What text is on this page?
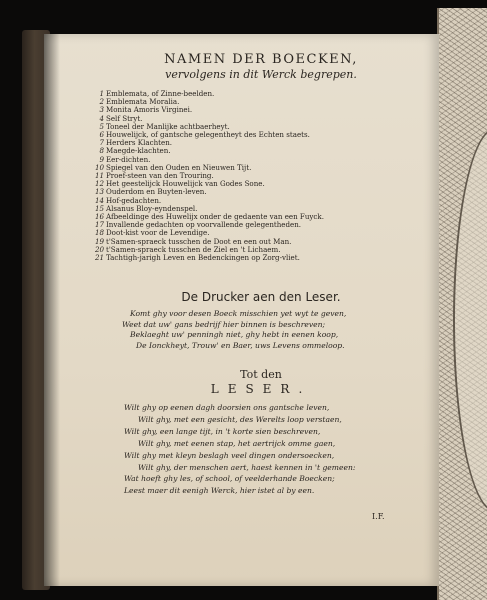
NAMEN DER BOECKEN,
vervolgens in dit Werck begrepen.
1 Emblemata, of Zinne-beelden.
2 Emblemata Moralia.
3 Monita Amoris Virginei.
4 Self Stryt.
5 Toneel der Manlijke achtbaerheyt.
6 Houwelijck, of gantsche gelegentheyt des Echten staets.
7 Herders Klachten.
8 Maegde-klachten.
9 Eer-dichten.
10 Spiegel van den Ouden en Nieuwen Tijt.
11 Proef-steen van den Trouring.
12 Het geestelijck Houwelijck van Godes Sone.
13 Ouderdom en Buyten-leven.
14 Hof-gedachten.
15 Alsanus Bloy-eyndenspel.
16 Afbeeldinge des Huwelijx onder de gedaente van een Fuyck.
17 Invallende gedachten op voorvallende gelegentheden.
18 Doot-kist voor de Levendige.
19 t'Samen-spraeck tusschen de Doot en een out Man.
20 t'Samen-spraeck tusschen de Ziel en 't Lichaem.
21 Tachtigh-jarigh Leven en Bedenckingen op Zorg-vliet.
De Drucker aen den Leser.
Komt ghy voor desen Boeck misschien yet wyt te geven,
Weet dat uw' gans bedrijf hier binnen is beschreven;
Beklaeght uw' penningh niet, ghy hebt in eenen koop,
De Ionckheyt, Trouw' en Baer, uws Levens ommeloop.
Tot den
LESER.
Wilt ghy op eenen dagh doorsien ons gantsche leven,
Wilt ghy, met een gesicht, des Werelts loop verstaen,
Wilt ghy, een lange tijt, in 't korte sien beschreven,
Wilt ghy, met eenen stap, het aertrijck omme gaen,
Wilt ghy met kleyn beslagh veel dingen ondersoecken,
Wilt ghy, der menschen aert, haest kennen in 't gemeen:
Wat hoeft ghy les, of school, of veelderhande Boecken;
Leest maer dit eenigh Werck, hier istet al by een.
I.F.
